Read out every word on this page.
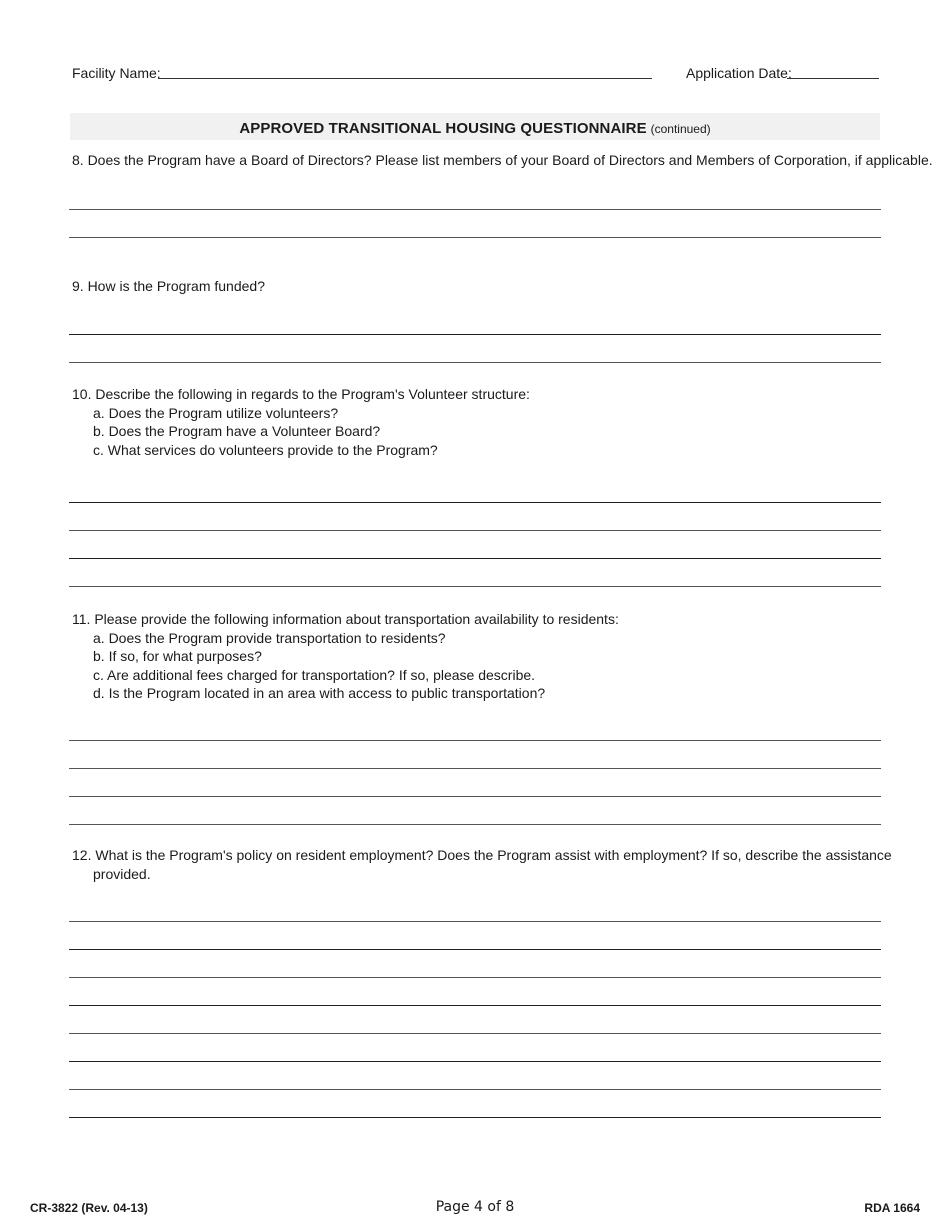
Facility Name:	Application Date:
APPROVED TRANSITIONAL HOUSING QUESTIONNAIRE (continued)
8. Does the Program have a Board of Directors? Please list members of your Board of Directors and Members of Corporation, if applicable.
9. How is the Program funded?
10. Describe the following in regards to the Program's Volunteer structure:
a. Does the Program utilize volunteers?
b. Does the Program have a Volunteer Board?
c. What services do volunteers provide to the Program?
11. Please provide the following information about transportation availability to residents:
a. Does the Program provide transportation to residents?
b. If so, for what purposes?
c. Are additional fees charged for transportation? If so, please describe.
d. Is the Program located in an area with access to public transportation?
12. What is the Program's policy on resident employment? Does the Program assist with employment? If so, describe the assistance
provided.
CR-3822 (Rev. 04-13)	Page 4 of 8	RDA 1664
